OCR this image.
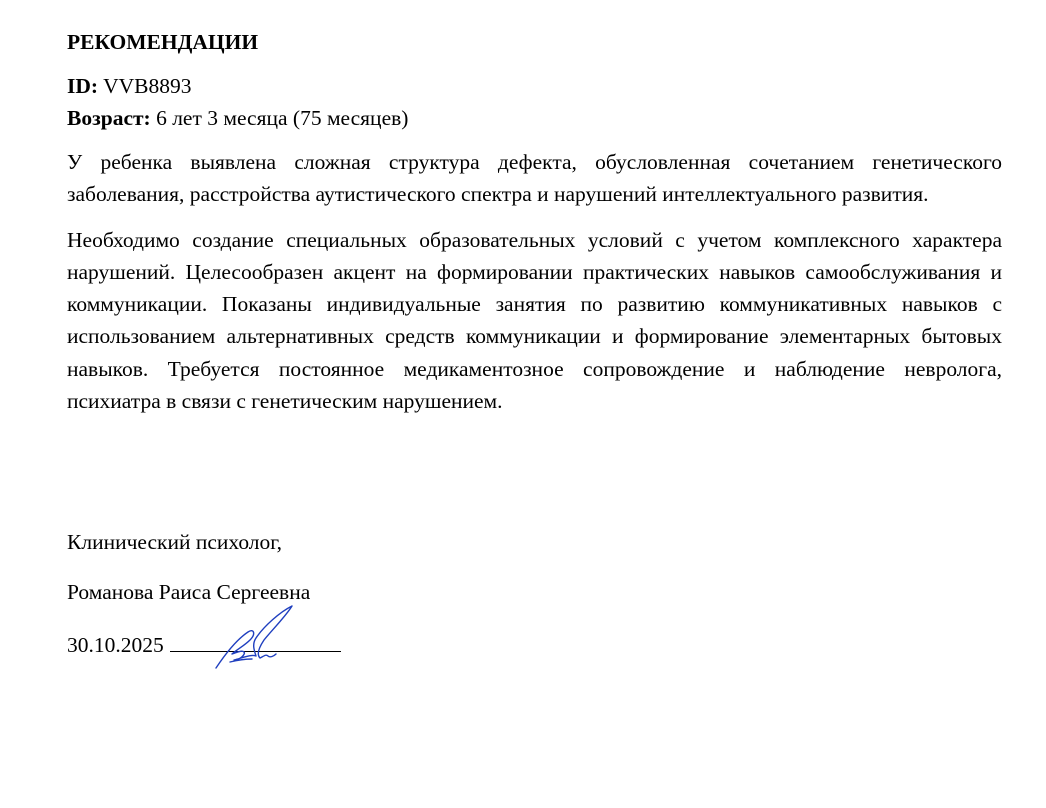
РЕКОМЕНДАЦИИ

ID: VVB8893

Возраст: 6 лет 3 месяца (75 месяцев)

У ребенка выявлена сложная структура дефекта, обусловленная сочетанием генетического заболевания, расстройства аутистического спектра и нарушений интеллектуального развития.

Необходимо создание специальных образовательных условий с учетом комплексного характера нарушений. Целесообразен акцент на формировании практических навыков самообслуживания и коммуникации. Показаны индивидуальные занятия по развитию коммуникативных навыков с использованием альтернативных средств коммуникации и формирование элементарных бытовых навыков. Требуется постоянное медикаментозное сопровождение и наблюдение невролога, психиатра в связи с генетическим нарушением.

Клинический психолог,

Романова Раиса Сергеевна

30.10.2025
